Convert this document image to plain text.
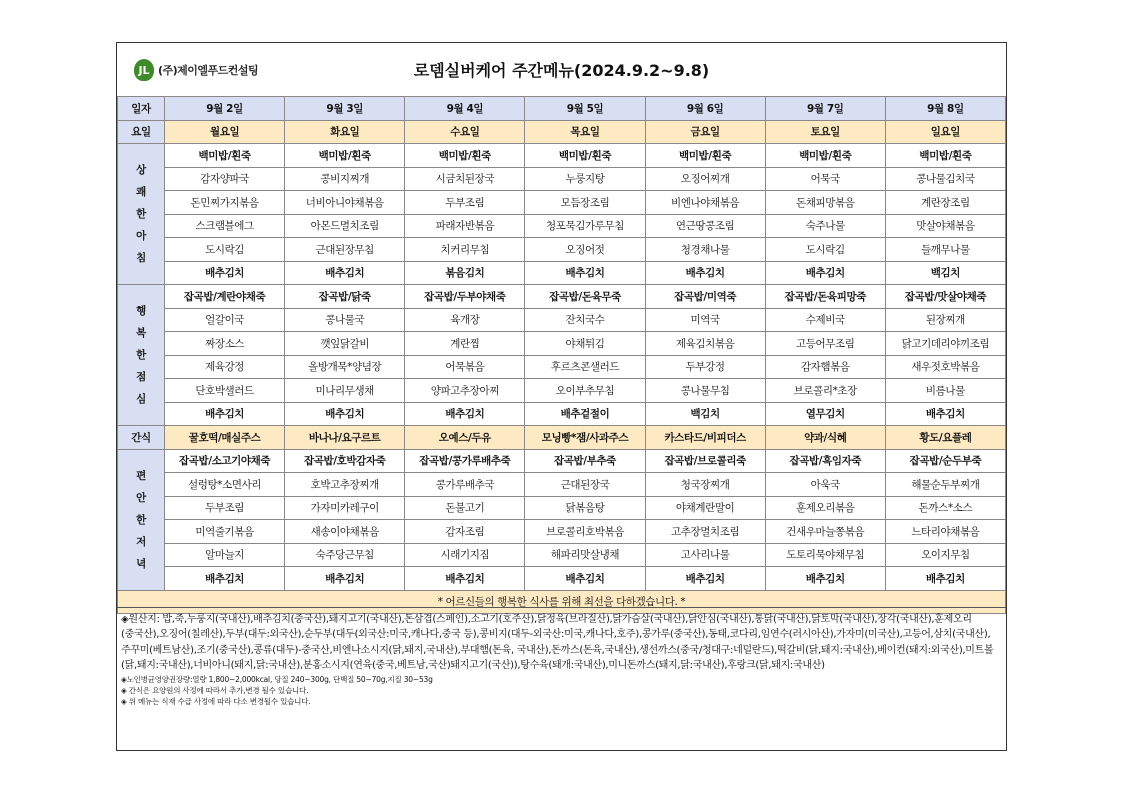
JL (주)제이엘푸드컨설팅	로뎀실버케어 주간메뉴(2024.9.2~9.8)
일자	9월 2일	9월 3일	9월 4일	9월 5일	9월 6일	9월 7일	9월 8일
요일	월요일	화요일	수요일	목요일	금요일	토요일	일요일

상
쾌
한
아
침	백미밥/흰죽	백미밥/흰죽	백미밥/흰죽	백미밥/흰죽	백미밥/흰죽	백미밥/흰죽	백미밥/흰죽
	감자양파국	콩비지찌개	시금치된장국	누룽지탕	오징어찌개	어묵국	콩나물김치국
	돈민찌가지볶음	너비아니야채볶음	두부조림	모듬장조림	비엔나야채볶음	돈채피망볶음	계란장조림
	스크램블에그	아몬드멸치조림	파래자반볶음	청포묵김가루무침	연근땅콩조림	숙주나물	맛살야채볶음
	도시락김	근대된장무침	치커리무침	오징어젓	청경채나물	도시락김	들깨무나물
	배추김치	배추김치	볶음김치	배추김치	배추김치	배추김치	백김치

행
복
한
점
심	잡곡밥/계란야채죽	잡곡밥/닭죽	잡곡밥/두부야채죽	잡곡밥/돈육무죽	잡곡밥/미역죽	잡곡밥/돈육피망죽	잡곡밥/맛살야채죽
	얼갈이국	콩나물국	육개장	잔치국수	미역국	수제비국	된장찌개
	짜장소스	깻잎닭갈비	계란찜	야채튀김	제육김치볶음	고등어무조림	닭고기데리야끼조림
	제육강정	올방개묵*양념장	어묵볶음	후르츠콘샐러드	두부강정	감자햄볶음	새우젓호박볶음
	단호박샐러드	미나리무생채	양파고추장아찌	오이부추무침	콩나물무침	브로콜리*초장	비름나물
	배추김치	배추김치	배추김치	배추겉절이	백김치	열무김치	배추김치
간식	꿀호떡/매실주스	바나나/요구르트	오예스/두유	모닝빵*잼/사과주스	카스타드/비피더스	약과/식혜	황도/요플레

편
안
한
저
녁	잡곡밥/소고기야채죽	잡곡밥/호박감자죽	잡곡밥/콩가루배추죽	잡곡밥/부추죽	잡곡밥/브로콜리죽	잡곡밥/흑임자죽	잡곡밥/순두부죽
	설렁탕*소면사리	호박고추장찌개	콩가루배추국	근대된장국	청국장찌개	아욱국	해물순두부찌개
	두부조림	가자미카레구이	돈불고기	닭볶음탕	야채계란말이	훈제오리볶음	돈까스*소스
	미역줄기볶음	새송이야채볶음	감자조림	브로콜리호박볶음	고추장멸치조림	건새우마늘쫑볶음	느타리야채볶음
	알마늘지	숙주당근무침	시래기지짐	해파리맛살냉채	고사리나물	도토리묵야채무침	오이지무침
	배추김치	배추김치	배추김치	배추김치	배추김치	배추김치	배추김치
* 어르신들의 행복한 식사를 위해 최선을 다하겠습니다. *							
◈원산지: 밥,죽,누룽지(국내산),배추김치(중국산),돼지고기(국내산),돈삼겹(스페인),소고기(호주산),닭정육(브라질산),닭가슴살(국내산),닭안심(국내산),통닭(국내산),닭토막(국내산),장각(국내산),훈제오리(중국산),오징어(칠레산),두부(대두:외국산),순두부(대두(외국산:미국,캐나다,중국 등),콩비지(대두-외국산:미국,캐나다,호주),콩가루(중국산),동태,코다리,임연수(러시아산),가자미(미국산),고등어,삼치(국내산),주꾸미(베트남산),조기(중국산),콩류(대두)-중국산,비엔나소시지(닭,돼지,국내산),부대햄(돈육, 국내산),돈까스(돈육,국내산),생선까스(중국/청대구:네덜란드),떡갈비(닭,돼지:국내산),베이컨(돼지:외국산),미트볼(닭,돼지:국내산),너비아니(돼지,닭:국내산),분홍소시지(연육(중국,베트남,국산)돼지고기(국산)),탕수육(돼개:국내산),미니돈까스(돼지,닭:국내산),후랑크(닭,돼지:국내산)
◈노인병균영양권장량:열량 1,800~2,000kcal, 당질 240~300g, 단백질 50~70g,지질 30~53g
◈ 간식은 요양원의 사정에 따라서 추가,변경 될수 있습니다.
◈ 위 메뉴는 식재 수급 사정에 따라 다소 변경될수 있습니다.
